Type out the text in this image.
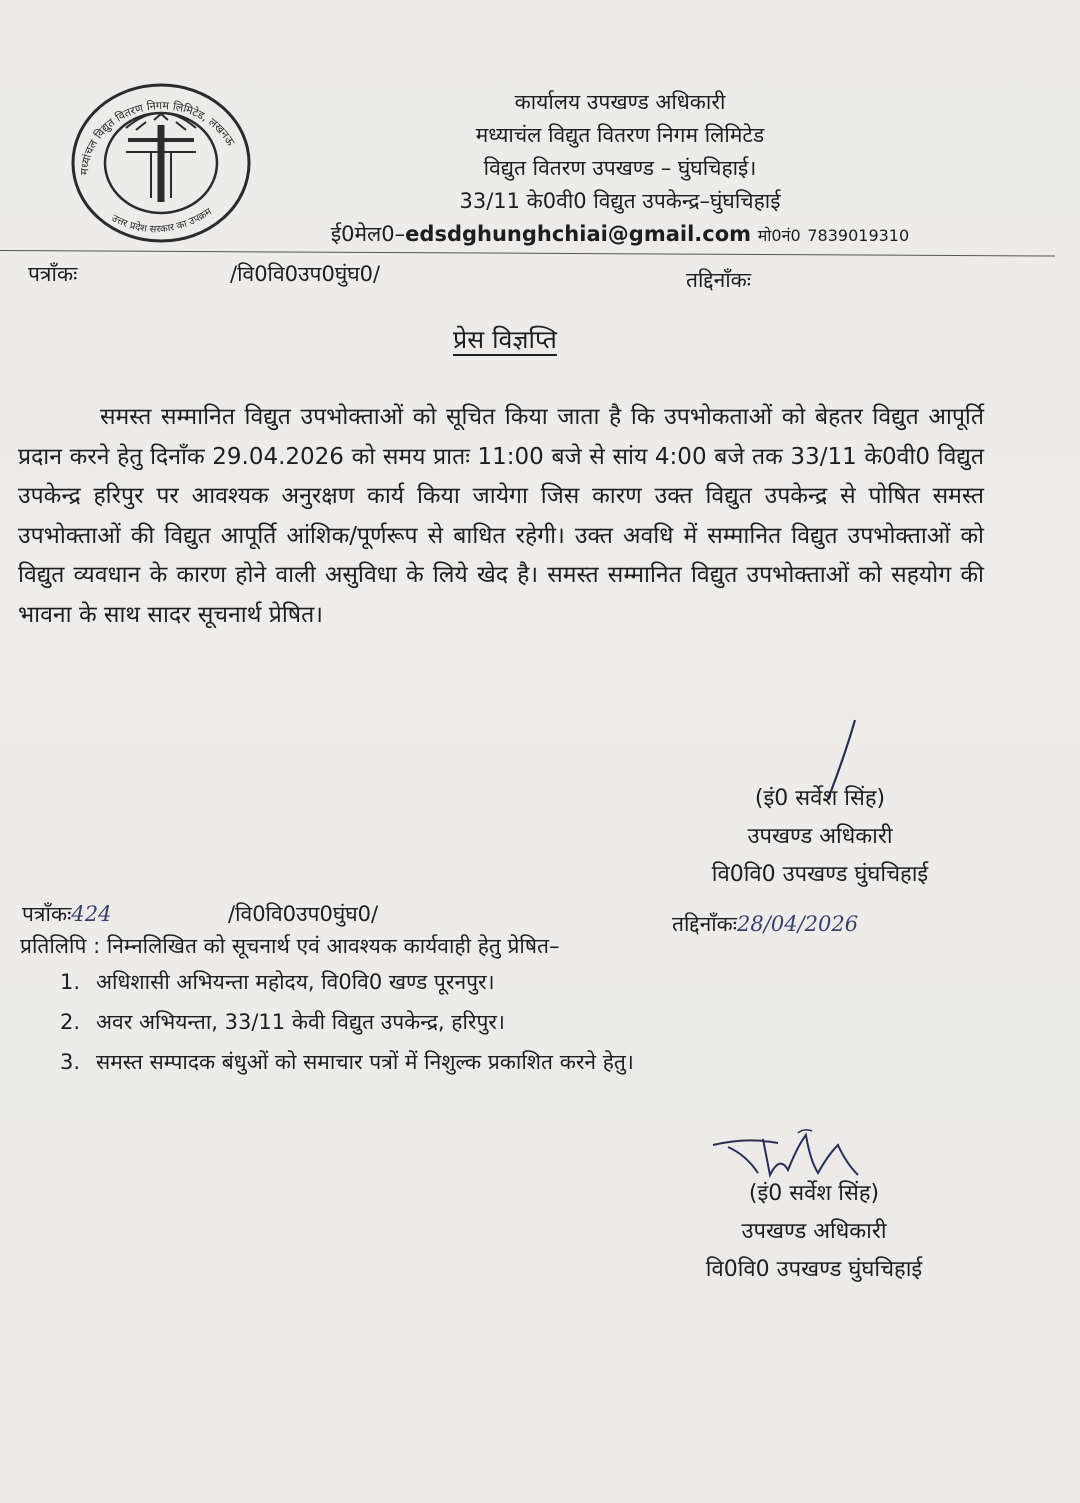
मध्यांचल विद्युत वितरण निगम लिमिटेड, लखनऊ
उत्तर प्रदेश सरकार का उपक्रम
कार्यालय उपखण्ड अधिकारी
मध्याचंल विद्युत वितरण निगम लिमिटेड
विद्युत वितरण उपखण्ड – घुंघचिहाई।
33/11 के0वी0 विद्युत उपकेन्द्र–घुंघचिहाई
ई0मेल0–edsdghunghchiai@gmail.com मो0नं0 7839019310
पत्राँकः	/वि0वि0उप0घुंघ0/	तद्दिनाँकः
प्रेस विज्ञप्ति
समस्त सम्मानित विद्युत उपभोक्ताओं को सूचित किया जाता है कि उपभोकताओं को बेहतर विद्युत आपूर्ति प्रदान करने हेतु दिनाँक 29.04.2026 को समय प्रातः 11:00 बजे से सांय 4:00 बजे तक 33/11 के0वी0 विद्युत उपकेन्द्र हरिपुर पर आवश्यक अनुरक्षण कार्य किया जायेगा जिस कारण उक्त विद्युत उपकेन्द्र से पोषित समस्त उपभोक्ताओं की विद्युत आपूर्ति आंशिक/पूर्णरूप से बाधित रहेगी। उक्त अवधि में सम्मानित विद्युत उपभोक्ताओं को विद्युत व्यवधान के कारण होने वाली असुविधा के लिये खेद है। समस्त सम्मानित विद्युत उपभोक्ताओं को सहयोग की भावना के साथ सादर सूचनार्थ प्रेषित।
(इं0 सर्वेश सिंह)
उपखण्ड अधिकारी
वि0वि0 उपखण्ड घुंघचिहाई
पत्राँकः424	/वि0वि0उप0घुंघ0/	तद्दिनाँकः28/04/2026
प्रतिलिपि : निम्नलिखित को सूचनार्थ एवं आवश्यक कार्यवाही हेतु प्रेषित–
1. अधिशासी अभियन्ता महोदय, वि0वि0 खण्ड पूरनपुर।
2. अवर अभियन्ता, 33/11 केवी विद्युत उपकेन्द्र, हरिपुर।
3. समस्त सम्पादक बंधुओं को समाचार पत्रों में निशुल्क प्रकाशित करने हेतु।
(इं0 सर्वेश सिंह)
उपखण्ड अधिकारी
वि0वि0 उपखण्ड घुंघचिहाई
